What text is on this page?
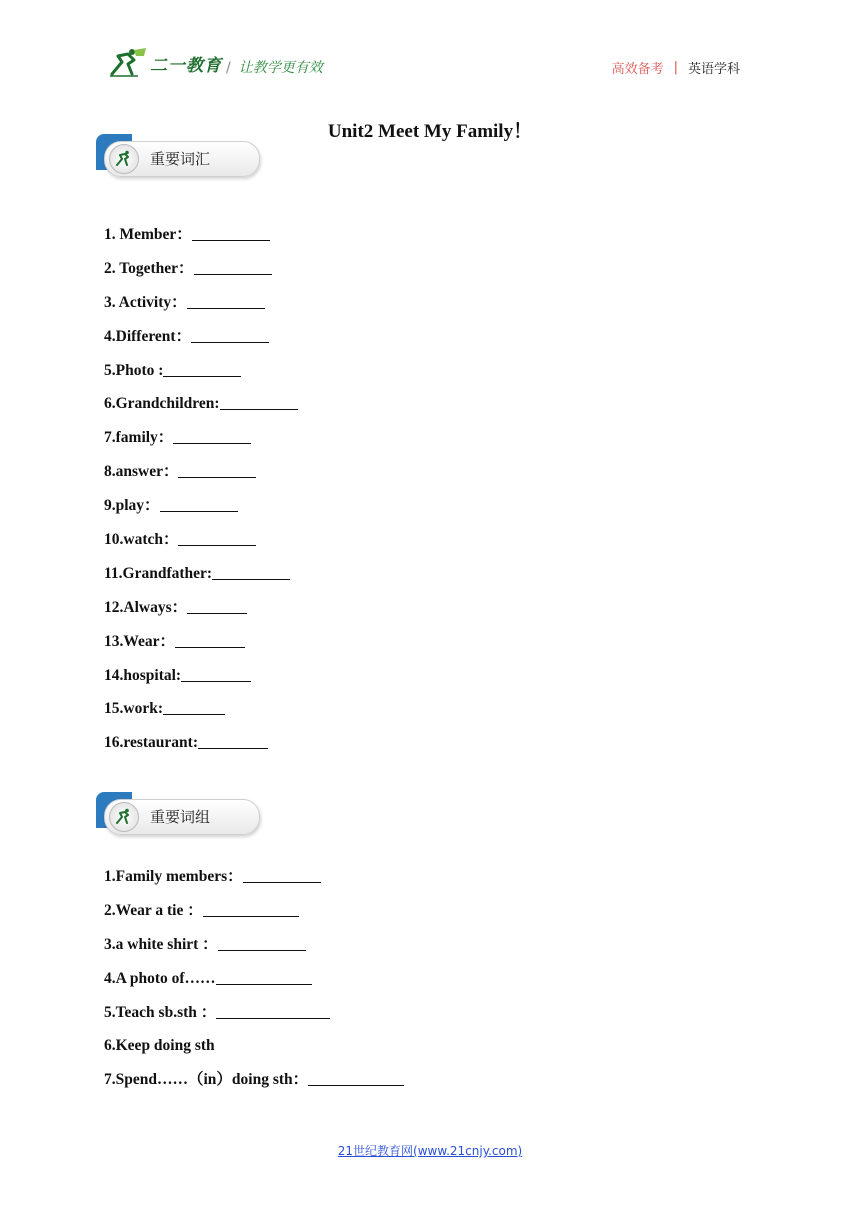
二一教育 / 让教学更有效	高效备考 | 英语学科
Unit2 Meet My Family！
重要词汇
1. Member：
2. Together：
3. Activity：
4.Different：
5.Photo :
6.Grandchildren:
7.family：
8.answer：
9.play：
10.watch：
11.Grandfather:
12.Always：
13.Wear：
14.hospital:
15.work:
16.restaurant:
重要词组
1.Family members：
2.Wear a tie ：
3.a white shirt ：
4.A photo of……
5.Teach sb.sth ：
6.Keep doing sth
7.Spend……（in）doing sth：
21世纪教育网(www.21cnjy.com)
